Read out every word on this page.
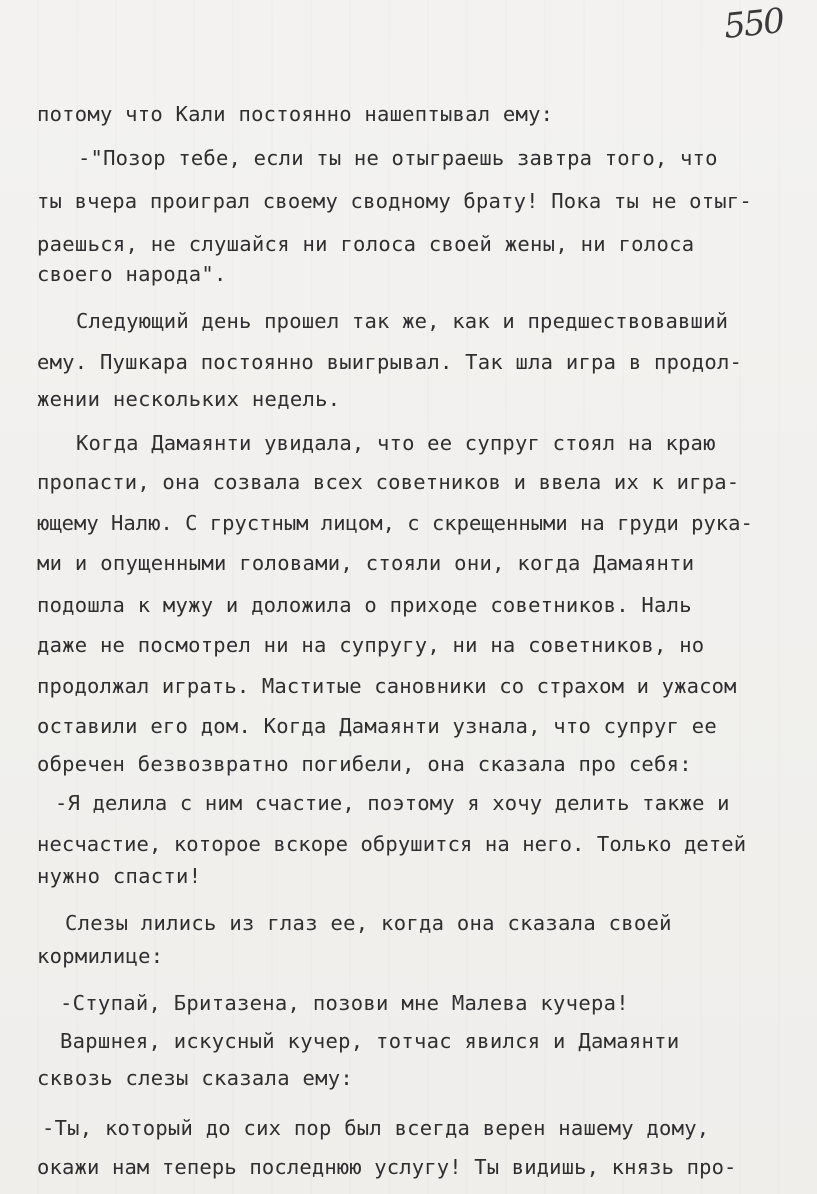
550
потому что Кали постоянно нашептывал ему:
-"Позор тебе, если ты не отыграешь завтра того, что
ты вчера проиграл своему сводному брату! Пока ты не отыг-
раешься, не слушайся ни голоса своей жены, ни голоса
своего народа".
Следующий день прошел так же, как и предшествовавший
ему. Пушкара постоянно выигрывал. Так шла игра в продол-
жении нескольких недель.
Когда Дамаянти увидала, что ее супруг стоял на краю
пропасти, она созвала всех советников и ввела их к игра-
ющему Налю. С грустным лицом, с скрещенными на груди рука-
ми и опущенными головами, стояли они, когда Дамаянти
подошла к мужу и доложила о приходе советников. Наль
даже не посмотрел ни на супругу, ни на советников, но
продолжал играть. Маститые сановники со страхом и ужасом
оставили его дом. Когда Дамаянти узнала, что супруг ее
обречен безвозвратно погибели, она сказала про себя:
-Я делила с ним счастие, поэтому я хочу делить также и
несчастие, которое вскоре обрушится на него. Только детей
нужно спасти!
Слезы лились из глаз ее, когда она сказала своей
кормилице:
-Ступай, Бритазена, позови мне Малева кучера!
Варшнея, искусный кучер, тотчас явился и Дамаянти
сквозь слезы сказала ему:
-Ты, который до сих пор был всегда верен нашему дому,
окажи нам теперь последнюю услугу! Ты видишь, князь про-
